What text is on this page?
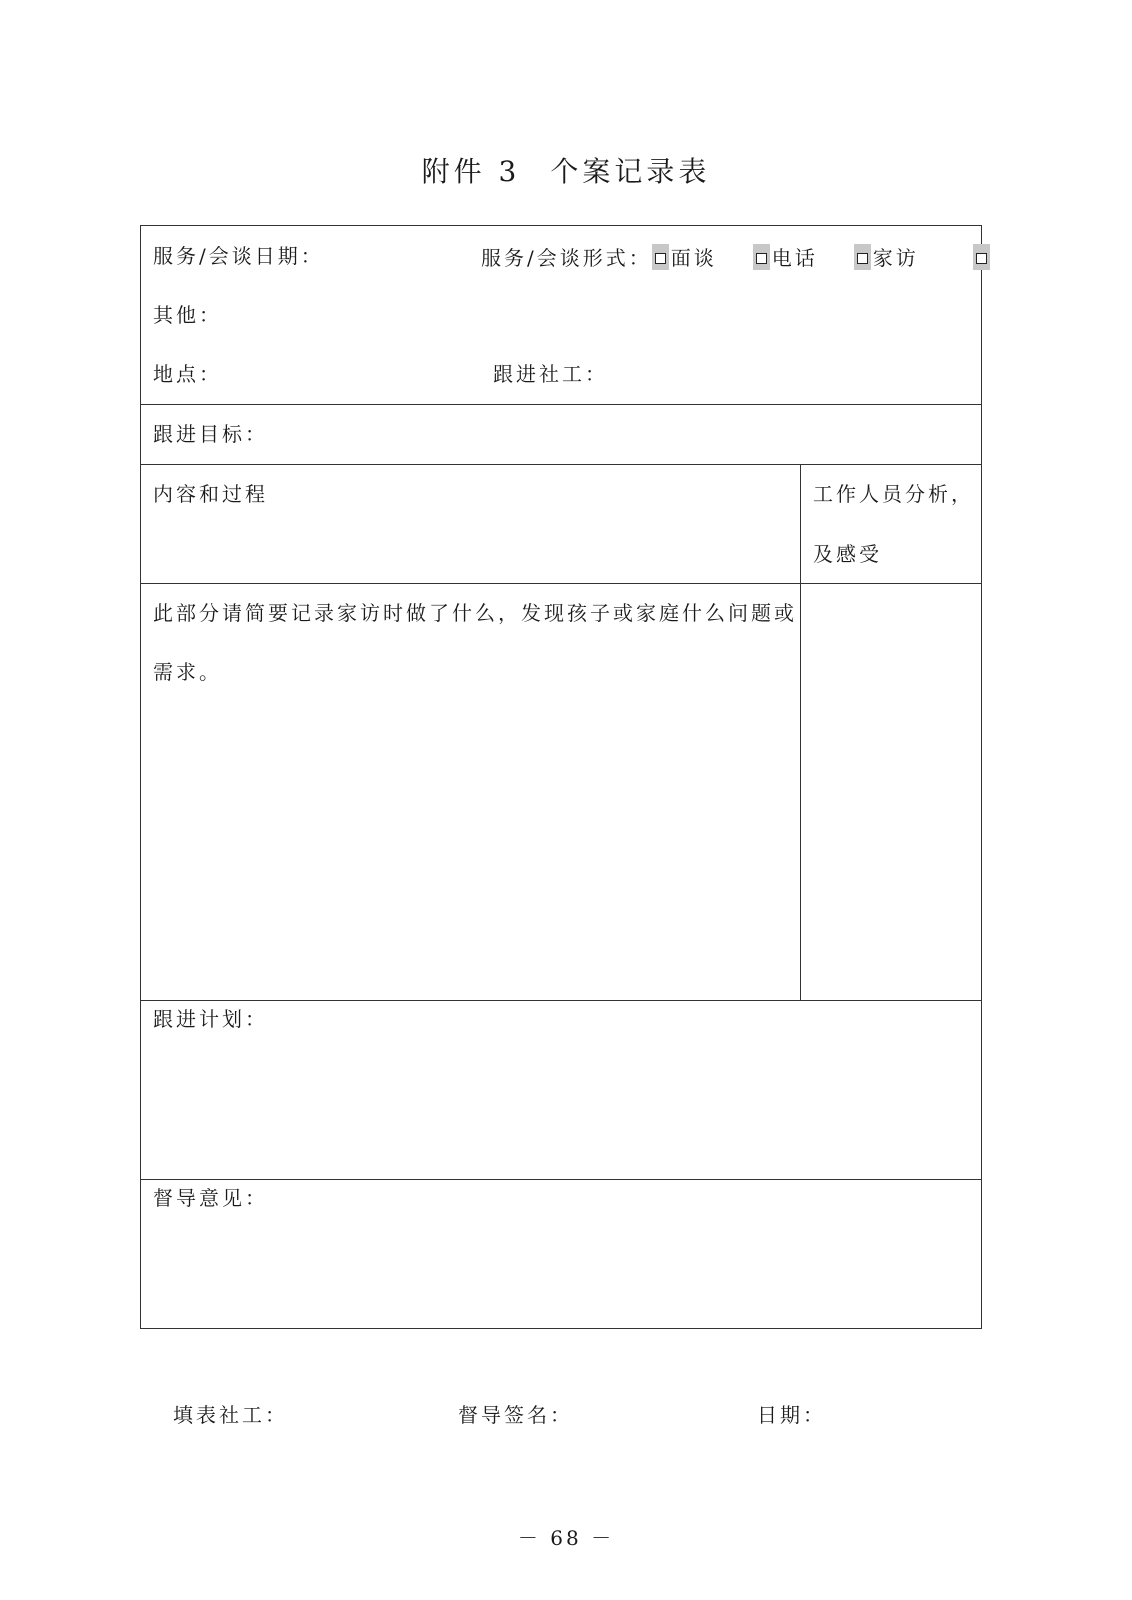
附件 3 个案记录表
服务/会谈日期：	服务/会谈形式： 面谈	电话	家访
其他：
地点：	跟进社工：
跟进目标：
内容和过程	工作人员分析，
及感受
此部分请简要记录家访时做了什么，发现孩子或家庭什么问题或
需求。
跟进计划：
督导意见：
填表社工：	督导签名：	日期：
－ 68 －
